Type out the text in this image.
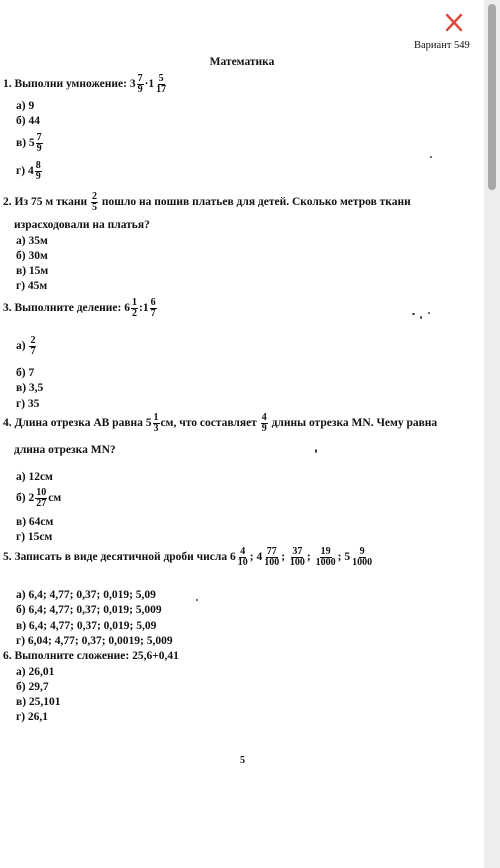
Вариант 549
Математика
1. Выполни умножение: $3 \frac{7}{9} \cdot 1 \frac{5}{17}$
а) 9
б) 44
в) $5 \frac{7}{9}$
г) $4 \frac{8}{9}$
2. Из 75 м ткани $\frac{2}{5}$ пошло на пошив платьев для детей. Сколько метров ткани
израсходовали на платья?
а) 35м
б) 30м
в) 15м
г) 45м
3. Выполните деление: $6 \frac{1}{2}$ :1 $\frac{6}{7}$
$а) \frac{2}{7}$
б) 7
в) 3,5
г) 35
4. Длина отрезка АВ равна $5 \frac{1}{3}$ см, что составляет $\frac{4}{9}$ длины отрезка MN. Чему равна
длина отрезка MN?
а) 12см
б) $2 \frac{10}{27}$ см
в) 64см
г) 15см
5. Записать в виде десятичной дроби числа $6 \frac{4}{10}$ ; $4 \frac{77}{100}$ ; $\frac{37}{100}$ ; $\frac{19}{1000}$ ; $5 \frac{9}{1000}$
а) 6,4; 4,77; 0,37; 0,019; 5,09
б) 6,4; 4,77; 0,37; 0,019; 5,009
в) 6,4; 4,77; 0,37; 0,019; 5,09
г) 6,04; 4,77; 0,37; 0,0019; 5,009
6. Выполните сложение: 25,6+0,41
а) 26,01
б) 29,7
в) 25,101
г) 26,1
5
